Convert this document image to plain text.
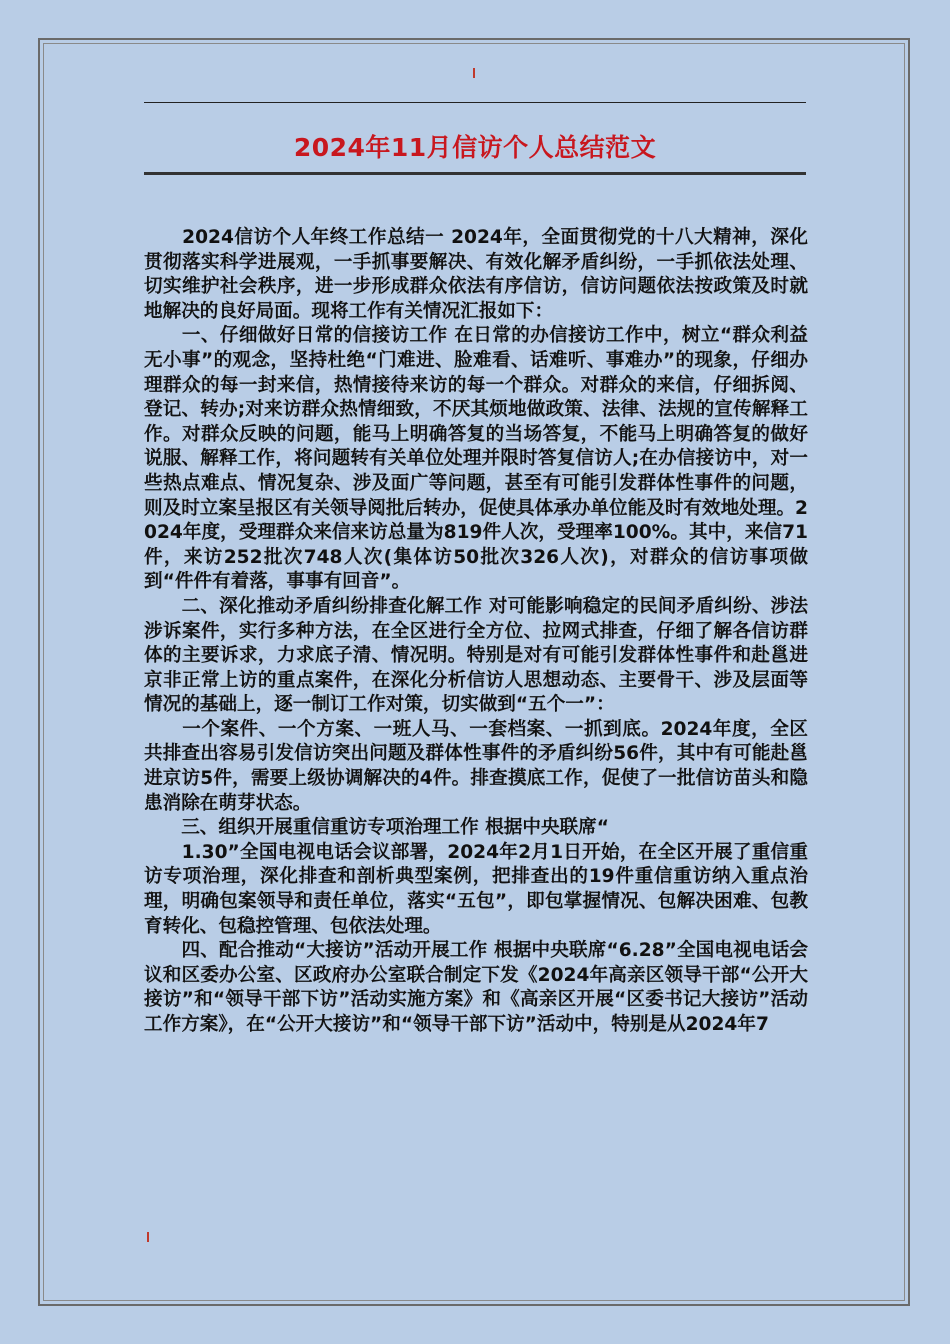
2024年11月信访个人总结范文

　　2024信访个人年终工作总结一 2024年，全面贯彻党的十八大精神，深化贯彻落实科学进展观，一手抓事要解决、有效化解矛盾纠纷，一手抓依法处理、切实维护社会秩序，进一步形成群众依法有序信访，信访问题依法按政策及时就地解决的良好局面。现将工作有关情况汇报如下：

　　一、仔细做好日常的信接访工作 在日常的办信接访工作中，树立“群众利益无小事”的观念，坚持杜绝“门难进、脸难看、话难听、事难办”的现象，仔细办理群众的每一封来信，热情接待来访的每一个群众。对群众的来信，仔细拆阅、登记、转办;对来访群众热情细致，不厌其烦地做政策、法律、法规的宣传解释工作。对群众反映的问题，能马上明确答复的当场答复，不能马上明确答复的做好说服、解释工作，将问题转有关单位处理并限时答复信访人;在办信接访中，对一些热点难点、情况复杂、涉及面广等问题，甚至有可能引发群体性事件的问题，则及时立案呈报区有关领导阅批后转办，促使具体承办单位能及时有效地处理。2024年度，受理群众来信来访总量为819件人次，受理率100%。其中，来信71件，来访252批次748人次(集体访50批次326人次)，对群众的信访事项做到“件件有着落，事事有回音”。

　　二、深化推动矛盾纠纷排查化解工作 对可能影响稳定的民间矛盾纠纷、涉法涉诉案件，实行多种方法，在全区进行全方位、拉网式排查，仔细了解各信访群体的主要诉求，力求底子清、情况明。特别是对有可能引发群体性事件和赴邕进京非正常上访的重点案件，在深化分析信访人思想动态、主要骨干、涉及层面等情况的基础上，逐一制订工作对策，切实做到“五个一”：

　　一个案件、一个方案、一班人马、一套档案、一抓到底。2024年度，全区共排查出容易引发信访突出问题及群体性事件的矛盾纠纷56件，其中有可能赴邕进京访5件，需要上级协调解决的4件。排查摸底工作，促使了一批信访苗头和隐患消除在萌芽状态。

　　三、组织开展重信重访专项治理工作 根据中央联席“

　　1.30”全国电视电话会议部署，2024年2月1日开始，在全区开展了重信重访专项治理，深化排查和剖析典型案例，把排查出的19件重信重访纳入重点治理，明确包案领导和责任单位，落实“五包”，即包掌握情况、包解决困难、包教育转化、包稳控管理、包依法处理。

　　四、配合推动“大接访”活动开展工作 根据中央联席“6.28”全国电视电话会议和区委办公室、区政府办公室联合制定下发《2024年高亲区领导干部“公开大接访”和“领导干部下访”活动实施方案》和《高亲区开展“区委书记大接访”活动工作方案》，在“公开大接访”和“领导干部下访”活动中，特别是从2024年7
